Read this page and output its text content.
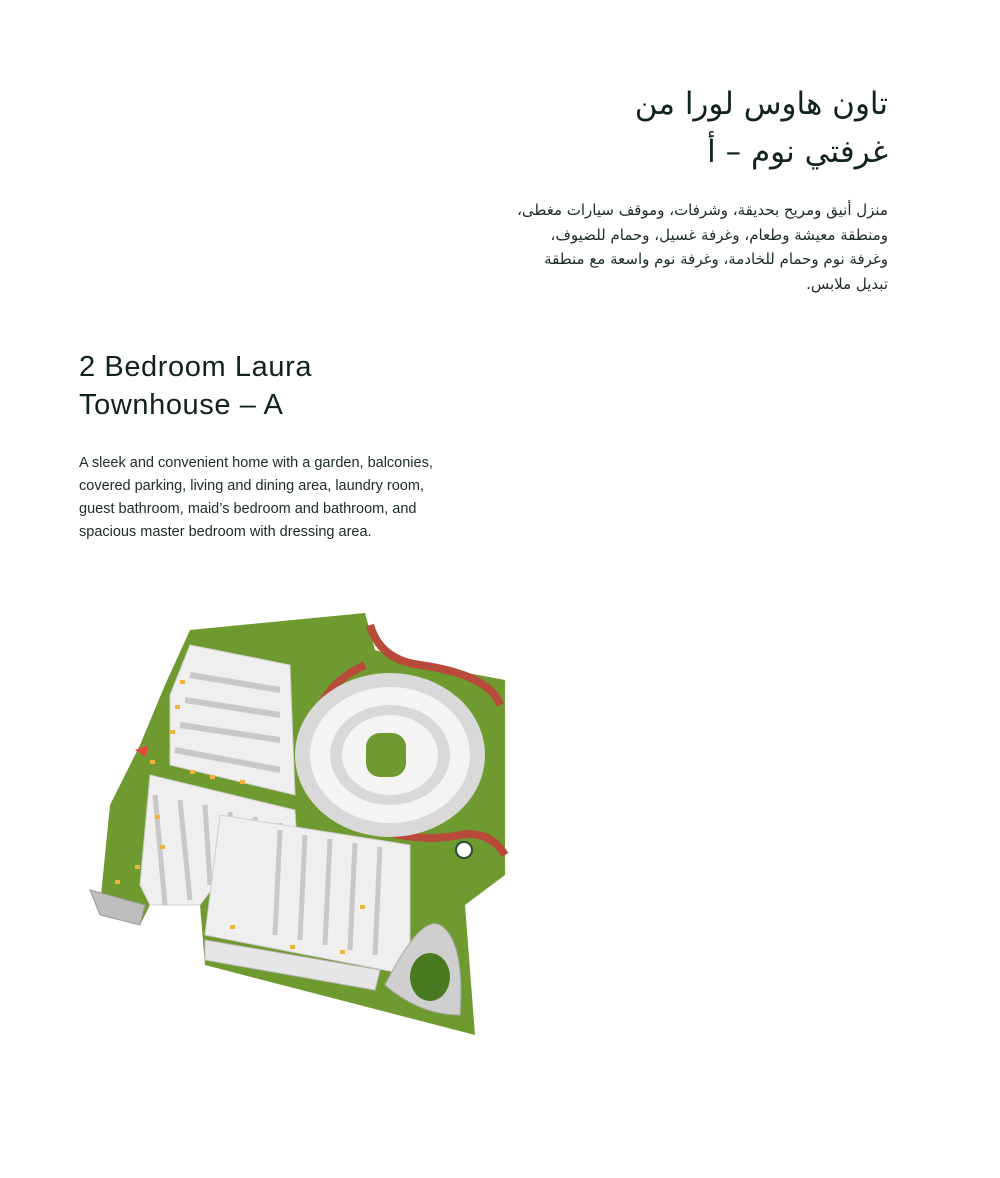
تاون هاوس لورا من
غرفتي نوم – أ

منزل أنيق ومريح بحديقة، وشرفات، وموقف سيارات مغطى، ومنطقة معيشة وطعام، وغرفة غسيل، وحمام للضيوف، وغرفة نوم وحمام للخادمة، وغرفة نوم واسعة مع منطقة تبديل ملابس.

2 Bedroom Laura
Townhouse – A

A sleek and convenient home with a garden, balconies, covered parking, living and dining area, laundry room, guest bathroom, maid’s bedroom and bathroom, and spacious master bedroom with dressing area.
